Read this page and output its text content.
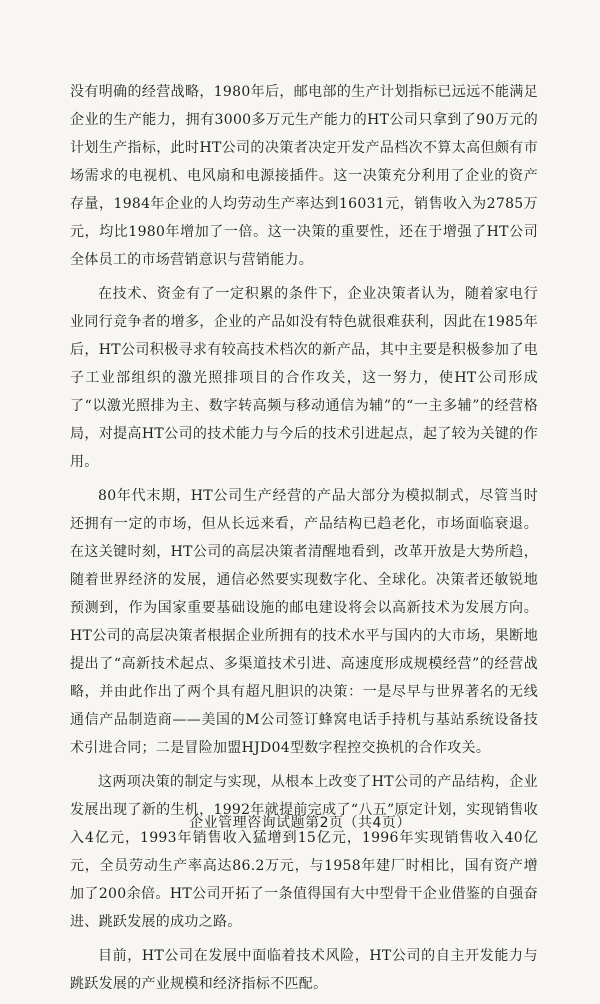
没有明确的经营战略，1980年后，邮电部的生产计划指标已远远不能满足企业的生产能力，拥有3000多万元生产能力的HT公司只拿到了90万元的计划生产指标，此时HT公司的决策者决定开发产品档次不算太高但颇有市场需求的电视机、电风扇和电源接插件。这一决策充分利用了企业的资产存量，1984年企业的人均劳动生产率达到16031元，销售收入为2785万元，均比1980年增加了一倍。这一决策的重要性，还在于增强了HT公司全体员工的市场营销意识与营销能力。

在技术、资金有了一定积累的条件下，企业决策者认为，随着家电行业同行竞争者的增多，企业的产品如没有特色就很难获利，因此在1985年后，HT公司积极寻求有较高技术档次的新产品，其中主要是积极参加了电子工业部组织的激光照排项目的合作攻关，这一努力，使HT公司形成了“以激光照排为主、数字转高频与移动通信为辅”的“一主多辅”的经营格局，对提高HT公司的技术能力与今后的技术引进起点，起了较为关键的作用。

80年代末期，HT公司生产经营的产品大部分为模拟制式，尽管当时还拥有一定的市场，但从长远来看，产品结构已趋老化，市场面临衰退。在这关键时刻，HT公司的高层决策者清醒地看到，改革开放是大势所趋，随着世界经济的发展，通信必然要实现数字化、全球化。决策者还敏锐地预测到，作为国家重要基础设施的邮电建设将会以高新技术为发展方向。HT公司的高层决策者根据企业所拥有的技术水平与国内的大市场，果断地提出了“高新技术起点、多渠道技术引进、高速度形成规模经营”的经营战略，并由此作出了两个具有超凡胆识的决策：一是尽早与世界著名的无线通信产品制造商——美国的M公司签订蜂窝电话手持机与基站系统设备技术引进合同；二是冒险加盟HJD04型数字程控交换机的合作攻关。

这两项决策的制定与实现，从根本上改变了HT公司的产品结构，企业发展出现了新的生机，1992年就提前完成了“八五”原定计划，实现销售收入4亿元，1993年销售收入猛增到15亿元，1996年实现销售收入40亿元，全员劳动生产率高达86.2万元，与1958年建厂时相比，国有资产增加了200余倍。HT公司开拓了一条值得国有大中型骨干企业借鉴的自强奋进、跳跃发展的成功之路。

目前，HT公司在发展中面临着技术风险，HT公司的自主开发能力与跳跃发展的产业规模和经济指标不匹配。

企业管理咨询试题第2页（共4页）
